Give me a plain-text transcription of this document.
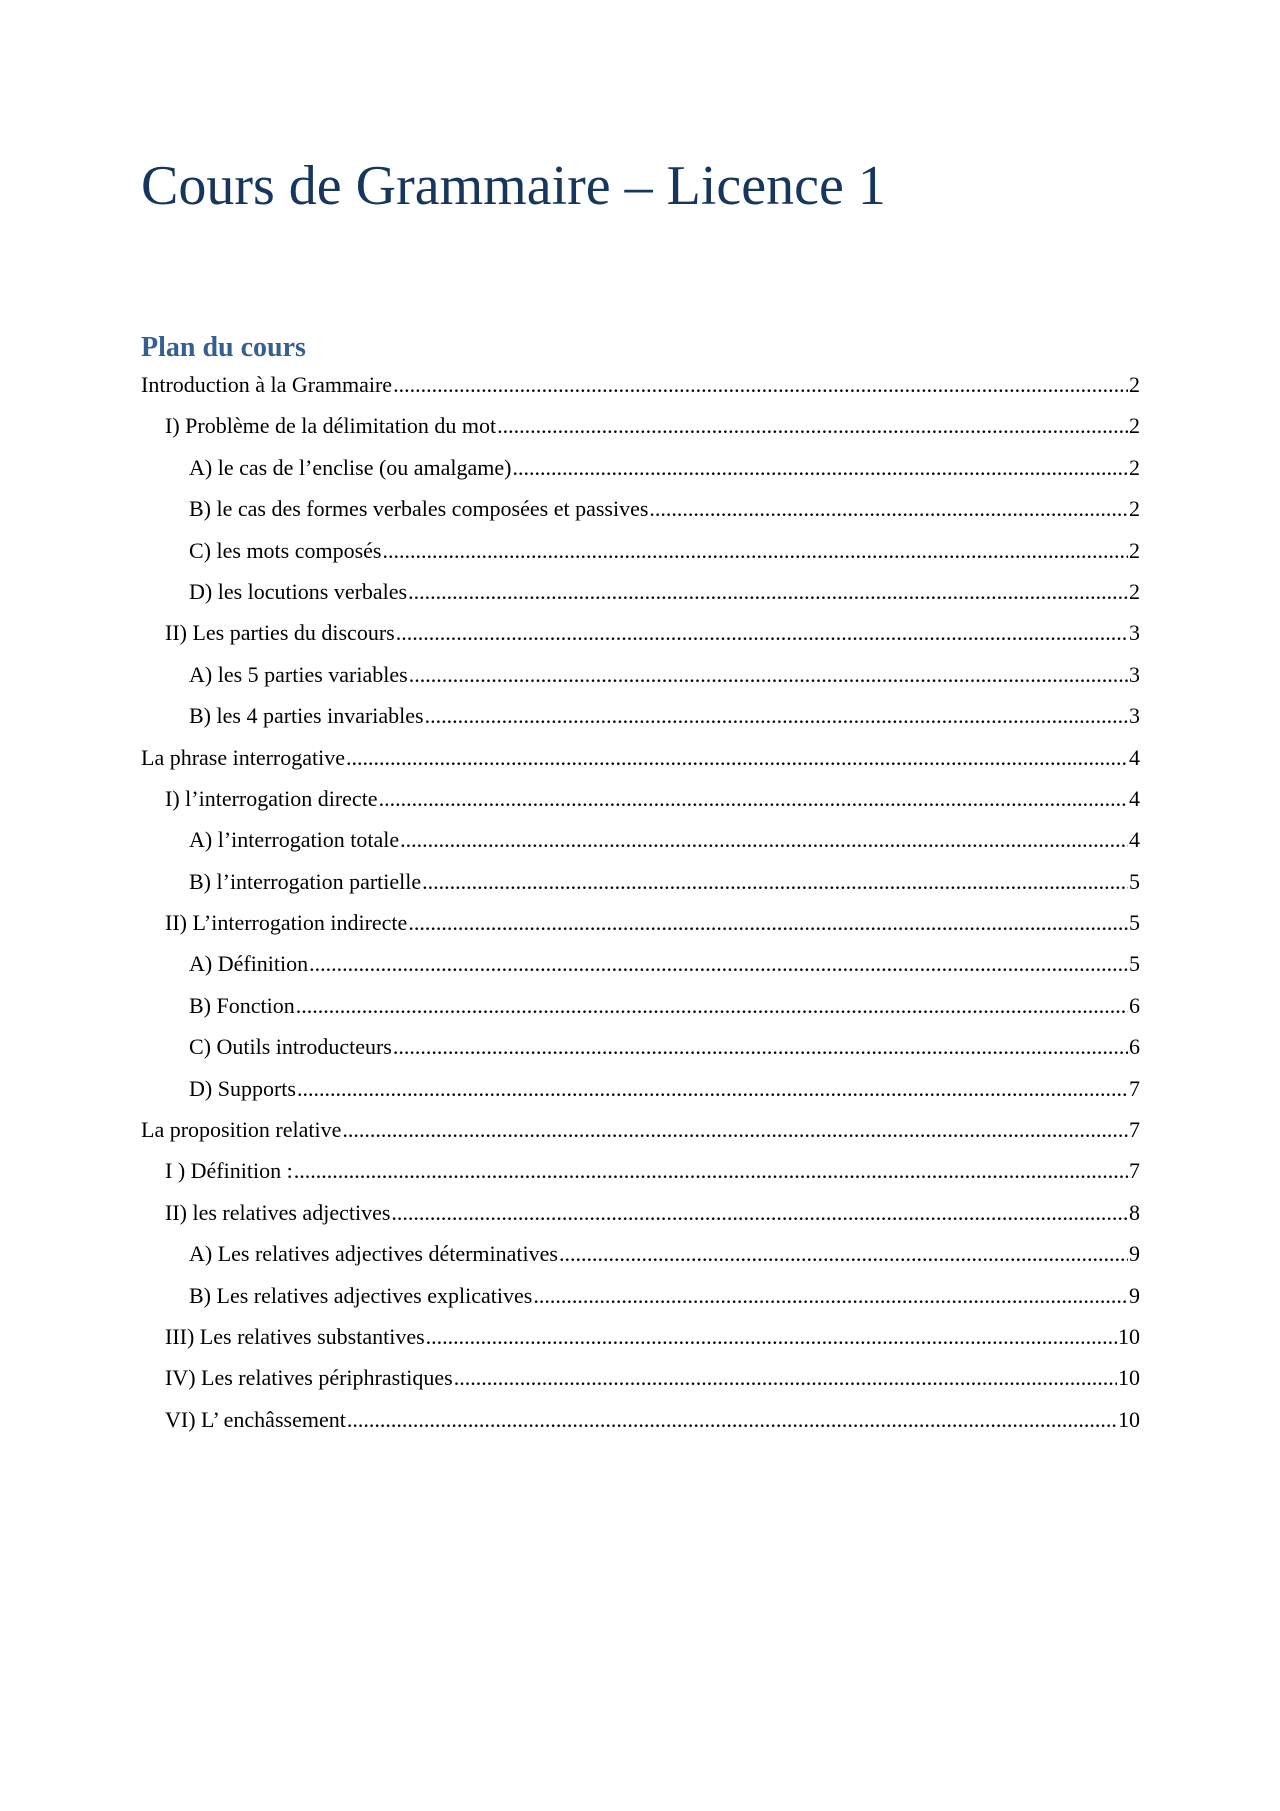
Cours de Grammaire – Licence 1
Plan du cours
Introduction à la Grammaire .....	2
I) Problème de la délimitation du mot .....	2
A) le cas de l’enclise (ou amalgame) .....	2
B) le cas des formes verbales composées et passives .....	2
C) les mots composés .....	2
D) les locutions verbales .....	2
II) Les parties du discours .....	3
A) les 5 parties variables .....	3
B) les 4 parties invariables .....	3
La phrase interrogative .....	4
I) l’interrogation directe .....	4
A) l’interrogation totale .....	4
B) l’interrogation partielle .....	5
II) L’interrogation indirecte .....	5
A) Définition .....	5
B) Fonction .....	6
C) Outils introducteurs .....	6
D) Supports .....	7
La proposition relative .....	7
I ) Définition : .....	7
II) les relatives adjectives .....	8
A) Les relatives adjectives déterminatives .....	9
B) Les relatives adjectives explicatives .....	9
III) Les relatives substantives .....	10
IV) Les relatives périphrastiques .....	10
VI) L’ enchâssement .....	10
